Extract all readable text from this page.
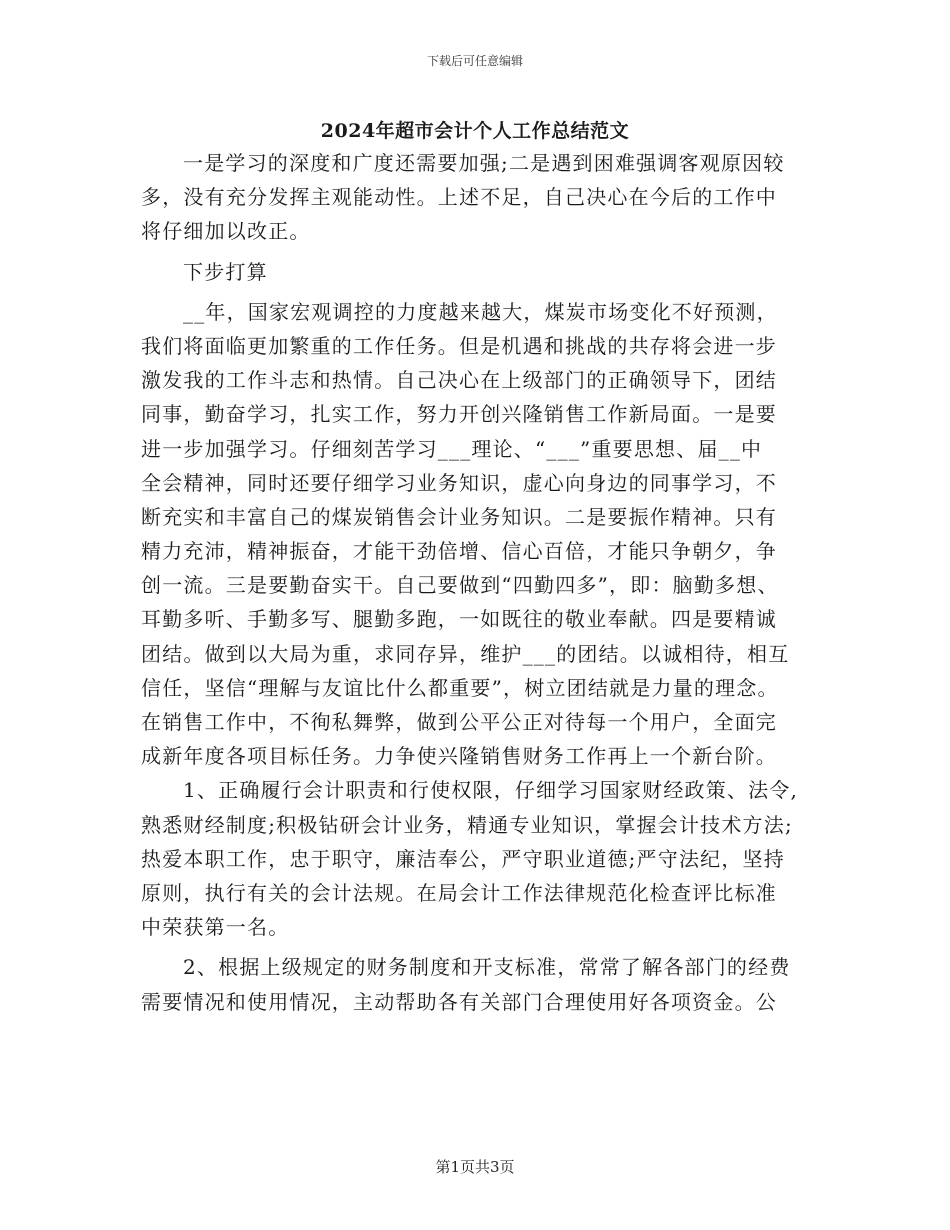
下载后可任意编辑
2024年超市会计个人工作总结范文
一是学习的深度和广度还需要加强;二是遇到困难强调客观原因较
多，没有充分发挥主观能动性。上述不足，自己决心在今后的工作中
将仔细加以改正。
下步打算
__年，国家宏观调控的力度越来越大，煤炭市场变化不好预测，
我们将面临更加繁重的工作任务。但是机遇和挑战的共存将会进一步
激发我的工作斗志和热情。自己决心在上级部门的正确领导下，团结
同事，勤奋学习，扎实工作，努力开创兴隆销售工作新局面。一是要
进一步加强学习。仔细刻苦学习___理论、“___”重要思想、届__中
全会精神，同时还要仔细学习业务知识，虚心向身边的同事学习，不
断充实和丰富自己的煤炭销售会计业务知识。二是要振作精神。只有
精力充沛，精神振奋，才能干劲倍增、信心百倍，才能只争朝夕，争
创一流。三是要勤奋实干。自己要做到“四勤四多”，即：脑勤多想、
耳勤多听、手勤多写、腿勤多跑，一如既往的敬业奉献。四是要精诚
团结。做到以大局为重，求同存异，维护___的团结。以诚相待，相互
信任，坚信“理解与友谊比什么都重要”，树立团结就是力量的理念。
在销售工作中，不徇私舞弊，做到公平公正对待每一个用户，全面完
成新年度各项目标任务。力争使兴隆销售财务工作再上一个新台阶。
1、正确履行会计职责和行使权限，仔细学习国家财经政策、法令,
熟悉财经制度;积极钻研会计业务，精通专业知识，掌握会计技术方法;
热爱本职工作，忠于职守，廉洁奉公，严守职业道德;严守法纪，坚持
原则，执行有关的会计法规。在局会计工作法律规范化检查评比标准
中荣获第一名。
2、根据上级规定的财务制度和开支标准，常常了解各部门的经费
需要情况和使用情况，主动帮助各有关部门合理使用好各项资金。公
第1页共3页
